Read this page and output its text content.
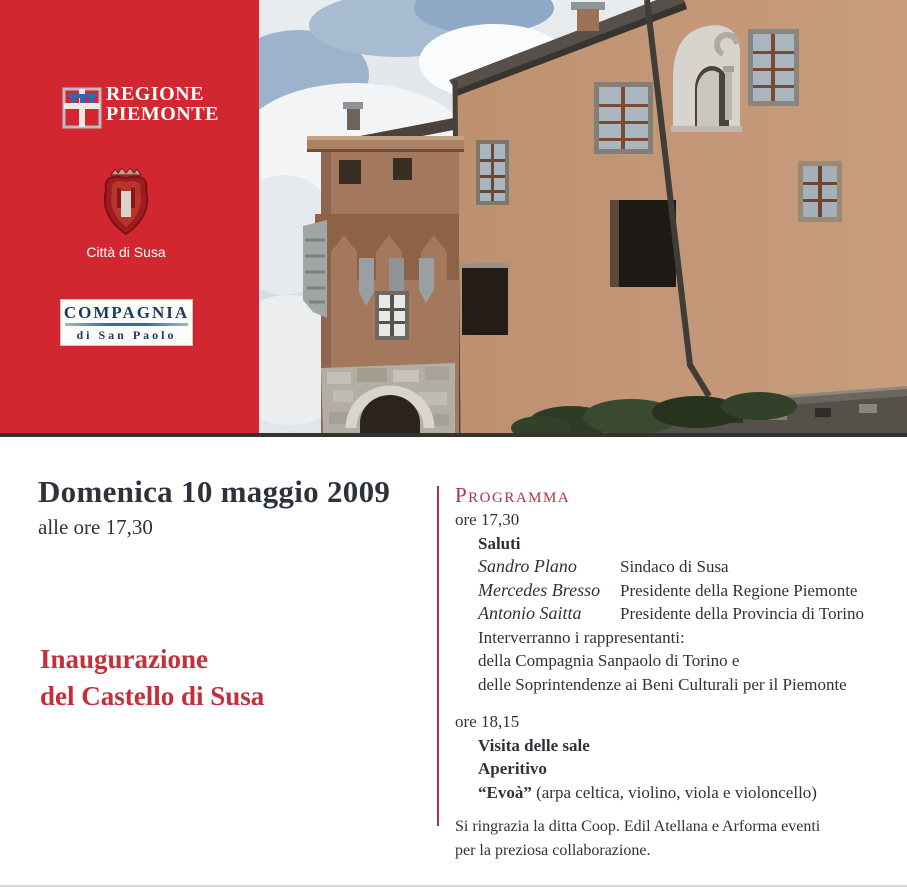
REGIONE
PIEMONTE
Città di Susa
COMPAGNIA
di San Paolo
Domenica 10 maggio 2009
alle ore 17,30
Inaugurazione
del Castello di Susa
Programma
ore 17,30
Saluti
Sandro Plano	Sindaco di Susa
Mercedes Bresso	Presidente della Regione Piemonte
Antonio Saitta	Presidente della Provincia di Torino
Interverranno i rappresentanti:
della Compagnia Sanpaolo di Torino e
delle Soprintendenze ai Beni Culturali per il Piemonte
ore 18,15
Visita delle sale
Aperitivo
“Evoà” (arpa celtica, violino, viola e violoncello)
Si ringrazia la ditta Coop. Edil Atellana e Arforma eventi
per la preziosa collaborazione.
